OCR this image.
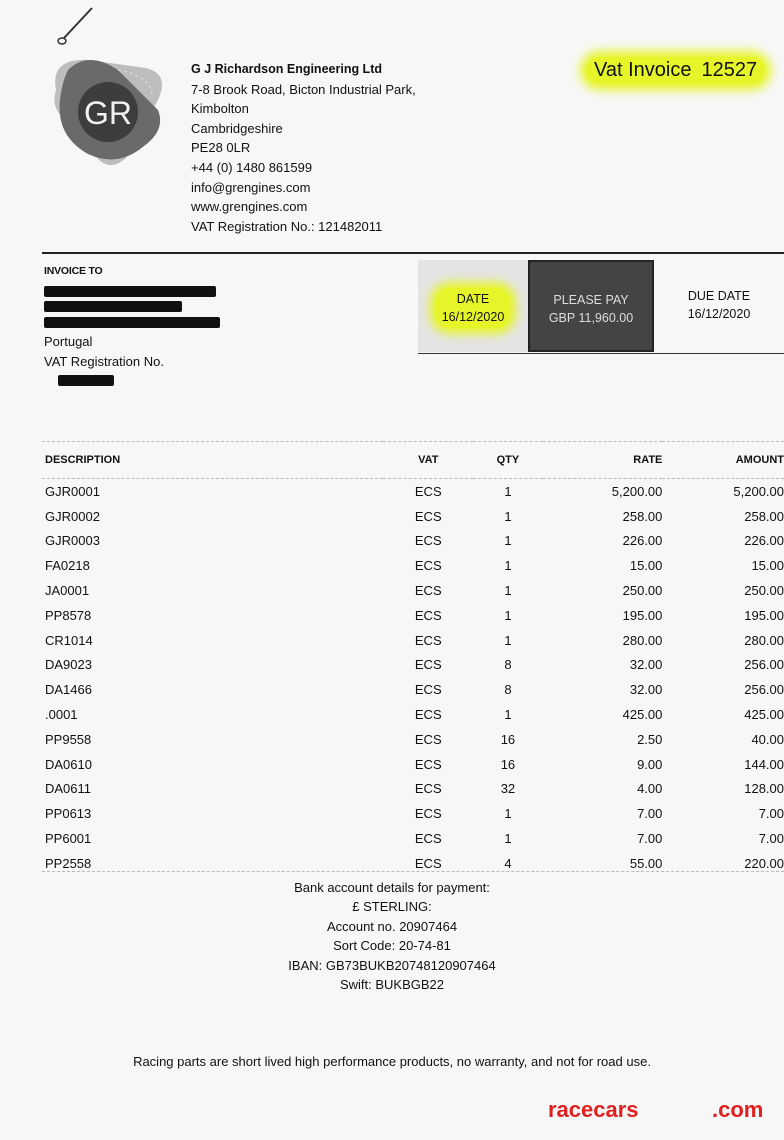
GR
G J Richardson Engineering Ltd
7-8 Brook Road, Bicton Industrial Park,
Kimbolton
Cambridgeshire
PE28 0LR
+44 (0) 1480 861599
info@grengines.com
www.grengines.com
VAT Registration No.: 121482011
Vat Invoice 12527
INVOICE TO
Portugal
VAT Registration No.
DATE
16/12/2020
PLEASE PAY
GBP 11,960.00
DUE DATE
16/12/2020
DESCRIPTION	VAT	QTY	RATE	AMOUNT
GJR0001	ECS	1	5,200.00	5,200.00
GJR0002	ECS	1	258.00	258.00
GJR0003	ECS	1	226.00	226.00
FA0218	ECS	1	15.00	15.00
JA0001	ECS	1	250.00	250.00
PP8578	ECS	1	195.00	195.00
CR1014	ECS	1	280.00	280.00
DA9023	ECS	8	32.00	256.00
DA1466	ECS	8	32.00	256.00
.0001	ECS	1	425.00	425.00
PP9558	ECS	16	2.50	40.00
DA0610	ECS	16	9.00	144.00
DA0611	ECS	32	4.00	128.00
PP0613	ECS	1	7.00	7.00
PP6001	ECS	1	7.00	7.00
PP2558	ECS	4	55.00	220.00
Bank account details for payment:
£ STERLING:
Account no. 20907464
Sort Code: 20-74-81
IBAN: GB73BUKB20748120907464
Swift: BUKBGB22
Racing parts are short lived high performance products, no warranty, and not for road use.
racecars	.com
